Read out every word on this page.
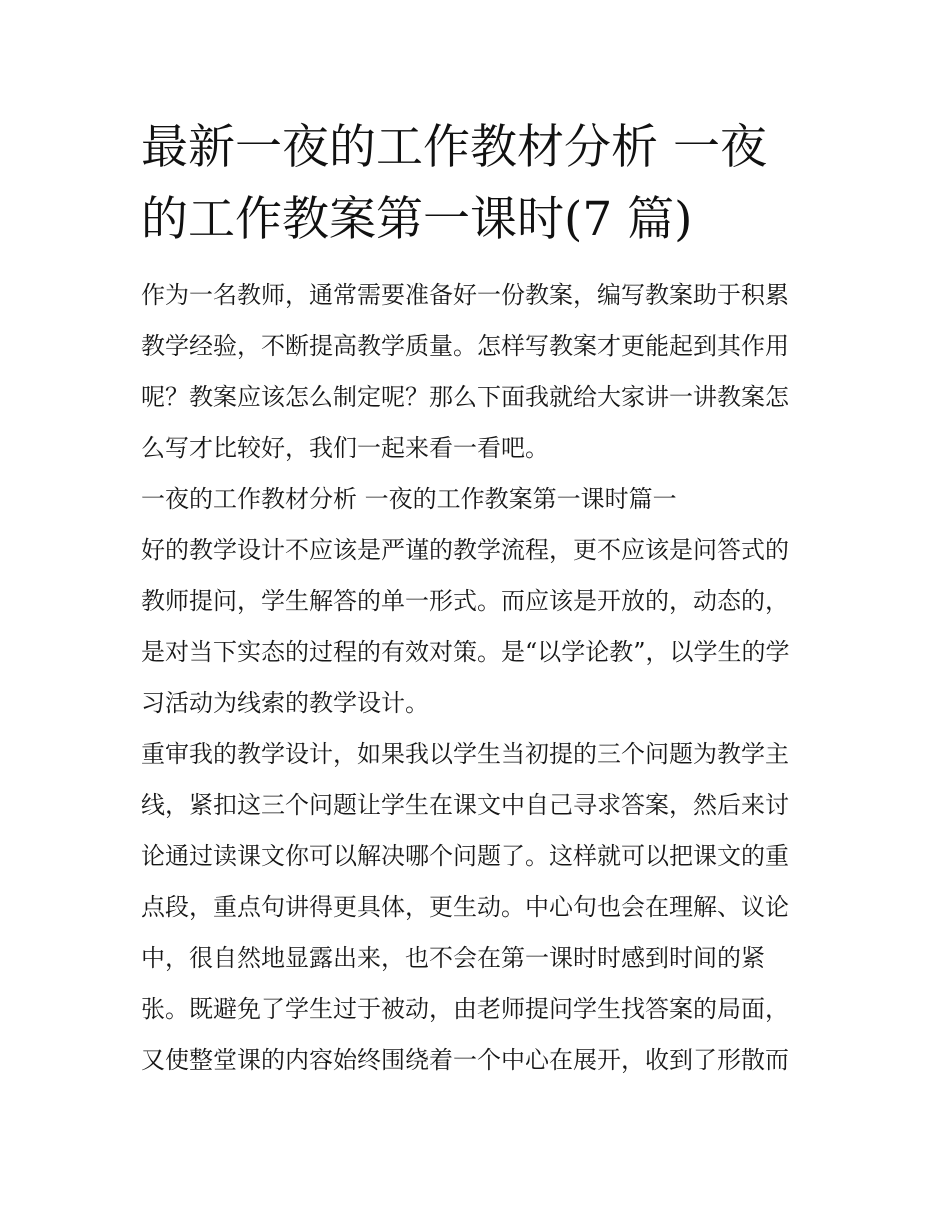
最新一夜的工作教材分析 一夜
的工作教案第一课时(7 篇)

作为一名教师，通常需要准备好一份教案，编写教案助于积累
教学经验，不断提高教学质量。怎样写教案才更能起到其作用
呢？教案应该怎么制定呢？那么下面我就给大家讲一讲教案怎
么写才比较好，我们一起来看一看吧。

一夜的工作教材分析 一夜的工作教案第一课时篇一

好的教学设计不应该是严谨的教学流程，更不应该是问答式的
教师提问，学生解答的单一形式。而应该是开放的，动态的，
是对当下实态的过程的有效对策。是“以学论教”，以学生的学
习活动为线索的教学设计。

重审我的教学设计，如果我以学生当初提的三个问题为教学主
线，紧扣这三个问题让学生在课文中自己寻求答案，然后来讨
论通过读课文你可以解决哪个问题了。这样就可以把课文的重
点段，重点句讲得更具体，更生动。中心句也会在理解、议论
中，很自然地显露出来，也不会在第一课时时感到时间的紧
张。既避免了学生过于被动，由老师提问学生找答案的局面，
又使整堂课的内容始终围绕着一个中心在展开，收到了形散而
